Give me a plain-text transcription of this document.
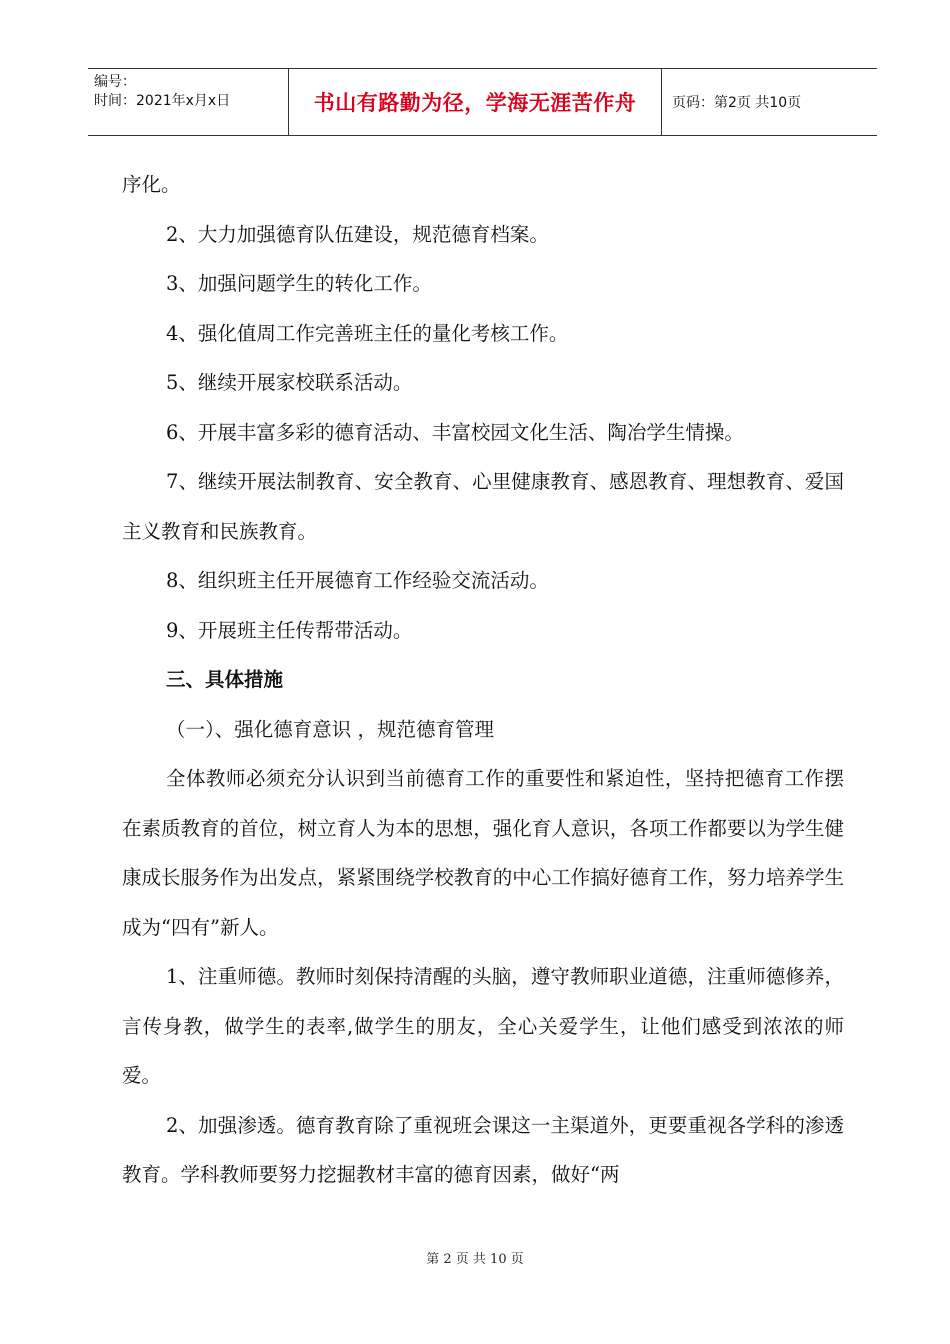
编号：
时间：2021年x月x日	书山有路勤为径，学海无涯苦作舟	页码：第2页 共10页

序化。

2、大力加强德育队伍建设，规范德育档案。

3、加强问题学生的转化工作。

4、强化值周工作完善班主任的量化考核工作。

5、继续开展家校联系活动。

6、开展丰富多彩的德育活动、丰富校园文化生活、陶冶学生情操。

7、继续开展法制教育、安全教育、心里健康教育、感恩教育、理想教育、爱国主义教育和民族教育。

8、组织班主任开展德育工作经验交流活动。

9、开展班主任传帮带活动。

三、具体措施

（一）、强化德育意识 ，规范德育管理

全体教师必须充分认识到当前德育工作的重要性和紧迫性，坚持把德育工作摆在素质教育的首位，树立育人为本的思想，强化育人意识，各项工作都要以为学生健康成长服务作为出发点，紧紧围绕学校教育的中心工作搞好德育工作，努力培养学生成为“四有”新人。

1、注重师德。教师时刻保持清醒的头脑，遵守教师职业道德，注重师德修养，言传身教，做学生的表率,做学生的朋友，全心关爱学生，让他们感受到浓浓的师爱。

2、加强渗透。德育教育除了重视班会课这一主渠道外，更要重视各学科的渗透教育。学科教师要努力挖掘教材丰富的德育因素，做好“两

第 2 页 共 10 页
